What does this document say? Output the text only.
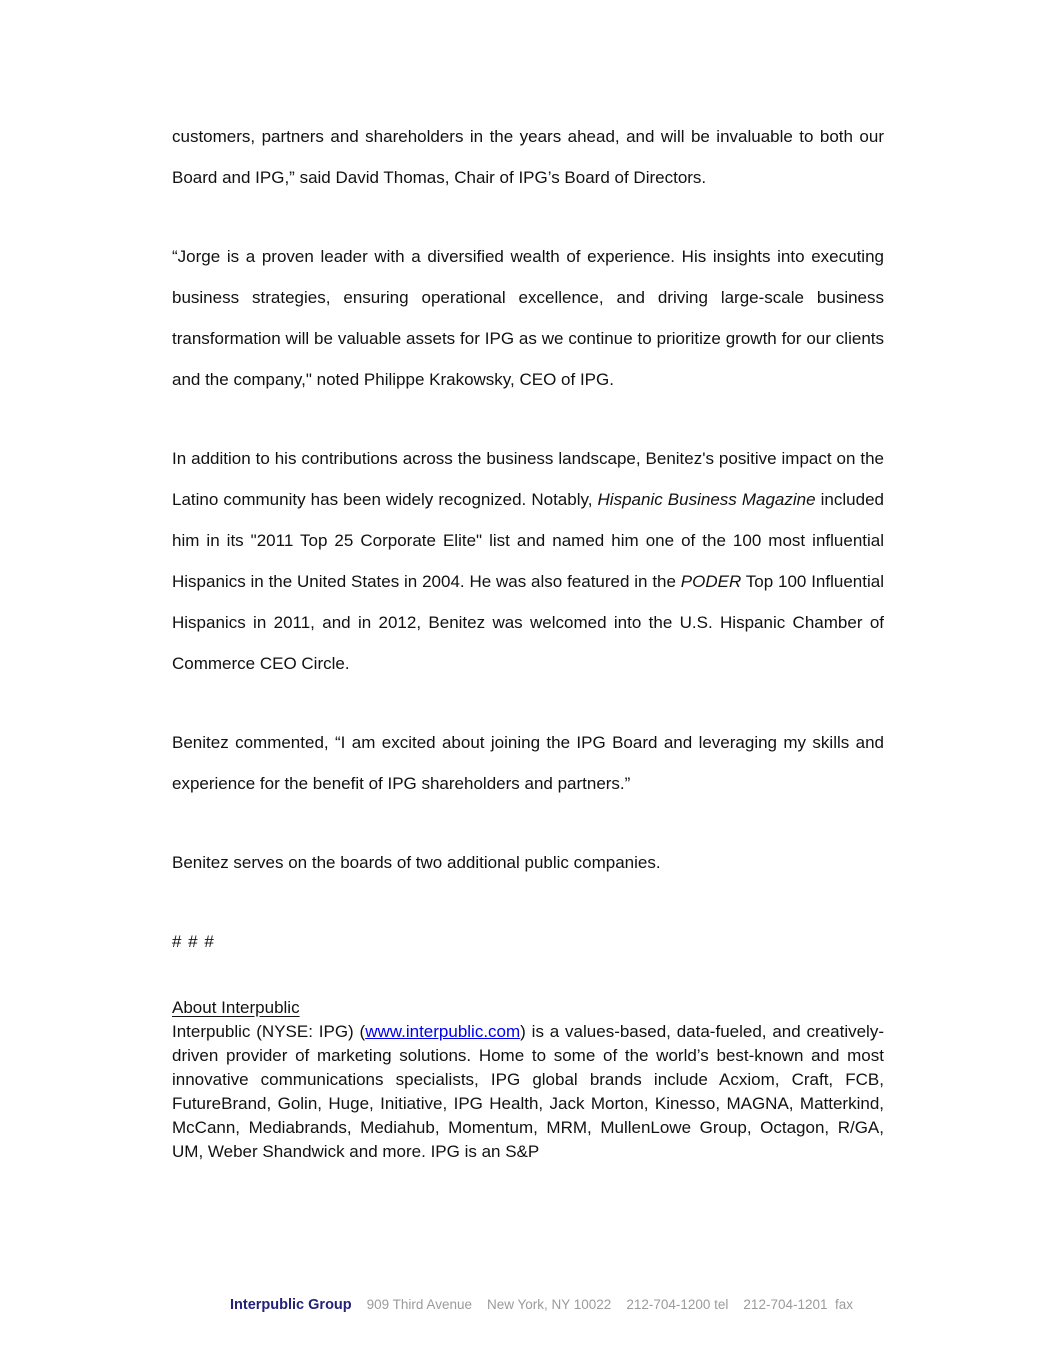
customers, partners and shareholders in the years ahead, and will be invaluable to both our Board and IPG,” said David Thomas, Chair of IPG’s Board of Directors.

“Jorge is a proven leader with a diversified wealth of experience. His insights into executing business strategies, ensuring operational excellence, and driving large-scale business transformation will be valuable assets for IPG as we continue to prioritize growth for our clients and the company," noted Philippe Krakowsky, CEO of IPG.

In addition to his contributions across the business landscape, Benitez's positive impact on the Latino community has been widely recognized. Notably, Hispanic Business Magazine included him in its "2011 Top 25 Corporate Elite" list and named him one of the 100 most influential Hispanics in the United States in 2004. He was also featured in the PODER Top 100 Influential Hispanics in 2011, and in 2012, Benitez was welcomed into the U.S. Hispanic Chamber of Commerce CEO Circle.

Benitez commented, “I am excited about joining the IPG Board and leveraging my skills and experience for the benefit of IPG shareholders and partners.”

Benitez serves on the boards of two additional public companies.

# # #

About Interpublic

Interpublic (NYSE: IPG) (www.interpublic.com) is a values-based, data-fueled, and creatively-driven provider of marketing solutions. Home to some of the world’s best-known and most innovative communications specialists, IPG global brands include Acxiom, Craft, FCB, FutureBrand, Golin, Huge, Initiative, IPG Health, Jack Morton, Kinesso, MAGNA, Matterkind, McCann, Mediabrands, Mediahub, Momentum, MRM, MullenLowe Group, Octagon, R/GA, UM, Weber Shandwick and more. IPG is an S&P

Interpublic Group 909 Third Avenue New York, NY 10022 212-704-1200 tel 212-704-1201  fax
